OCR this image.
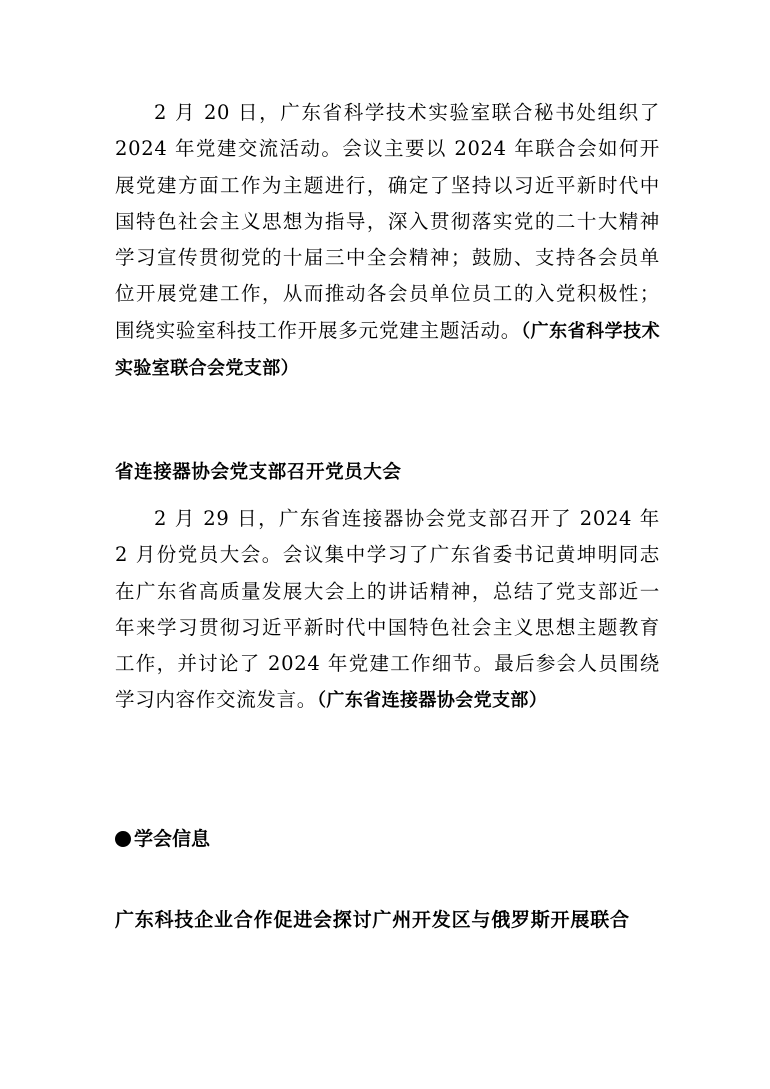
2 月 20 日，广东省科学技术实验室联合秘书处组织了 2024 年党建交流活动。会议主要以 2024 年联合会如何开展党建方面工作为主题进行，确定了坚持以习近平新时代中国特色社会主义思想为指导，深入贯彻落实党的二十大精神学习宣传贯彻党的十届三中全会精神；鼓励、支持各会员单位开展党建工作，从而推动各会员单位员工的入党积极性；围绕实验室科技工作开展多元党建主题活动。（广东省科学技术实验室联合会党支部）

省连接器协会党支部召开党员大会

2 月 29 日，广东省连接器协会党支部召开了 2024 年 2 月份党员大会。会议集中学习了广东省委书记黄坤明同志在广东省高质量发展大会上的讲话精神，总结了党支部近一年来学习贯彻习近平新时代中国特色社会主义思想主题教育工作，并讨论了 2024 年党建工作细节。最后参会人员围绕学习内容作交流发言。（广东省连接器协会党支部）

学会信息
广东科技企业合作促进会探讨广州开发区与俄罗斯开展联合
